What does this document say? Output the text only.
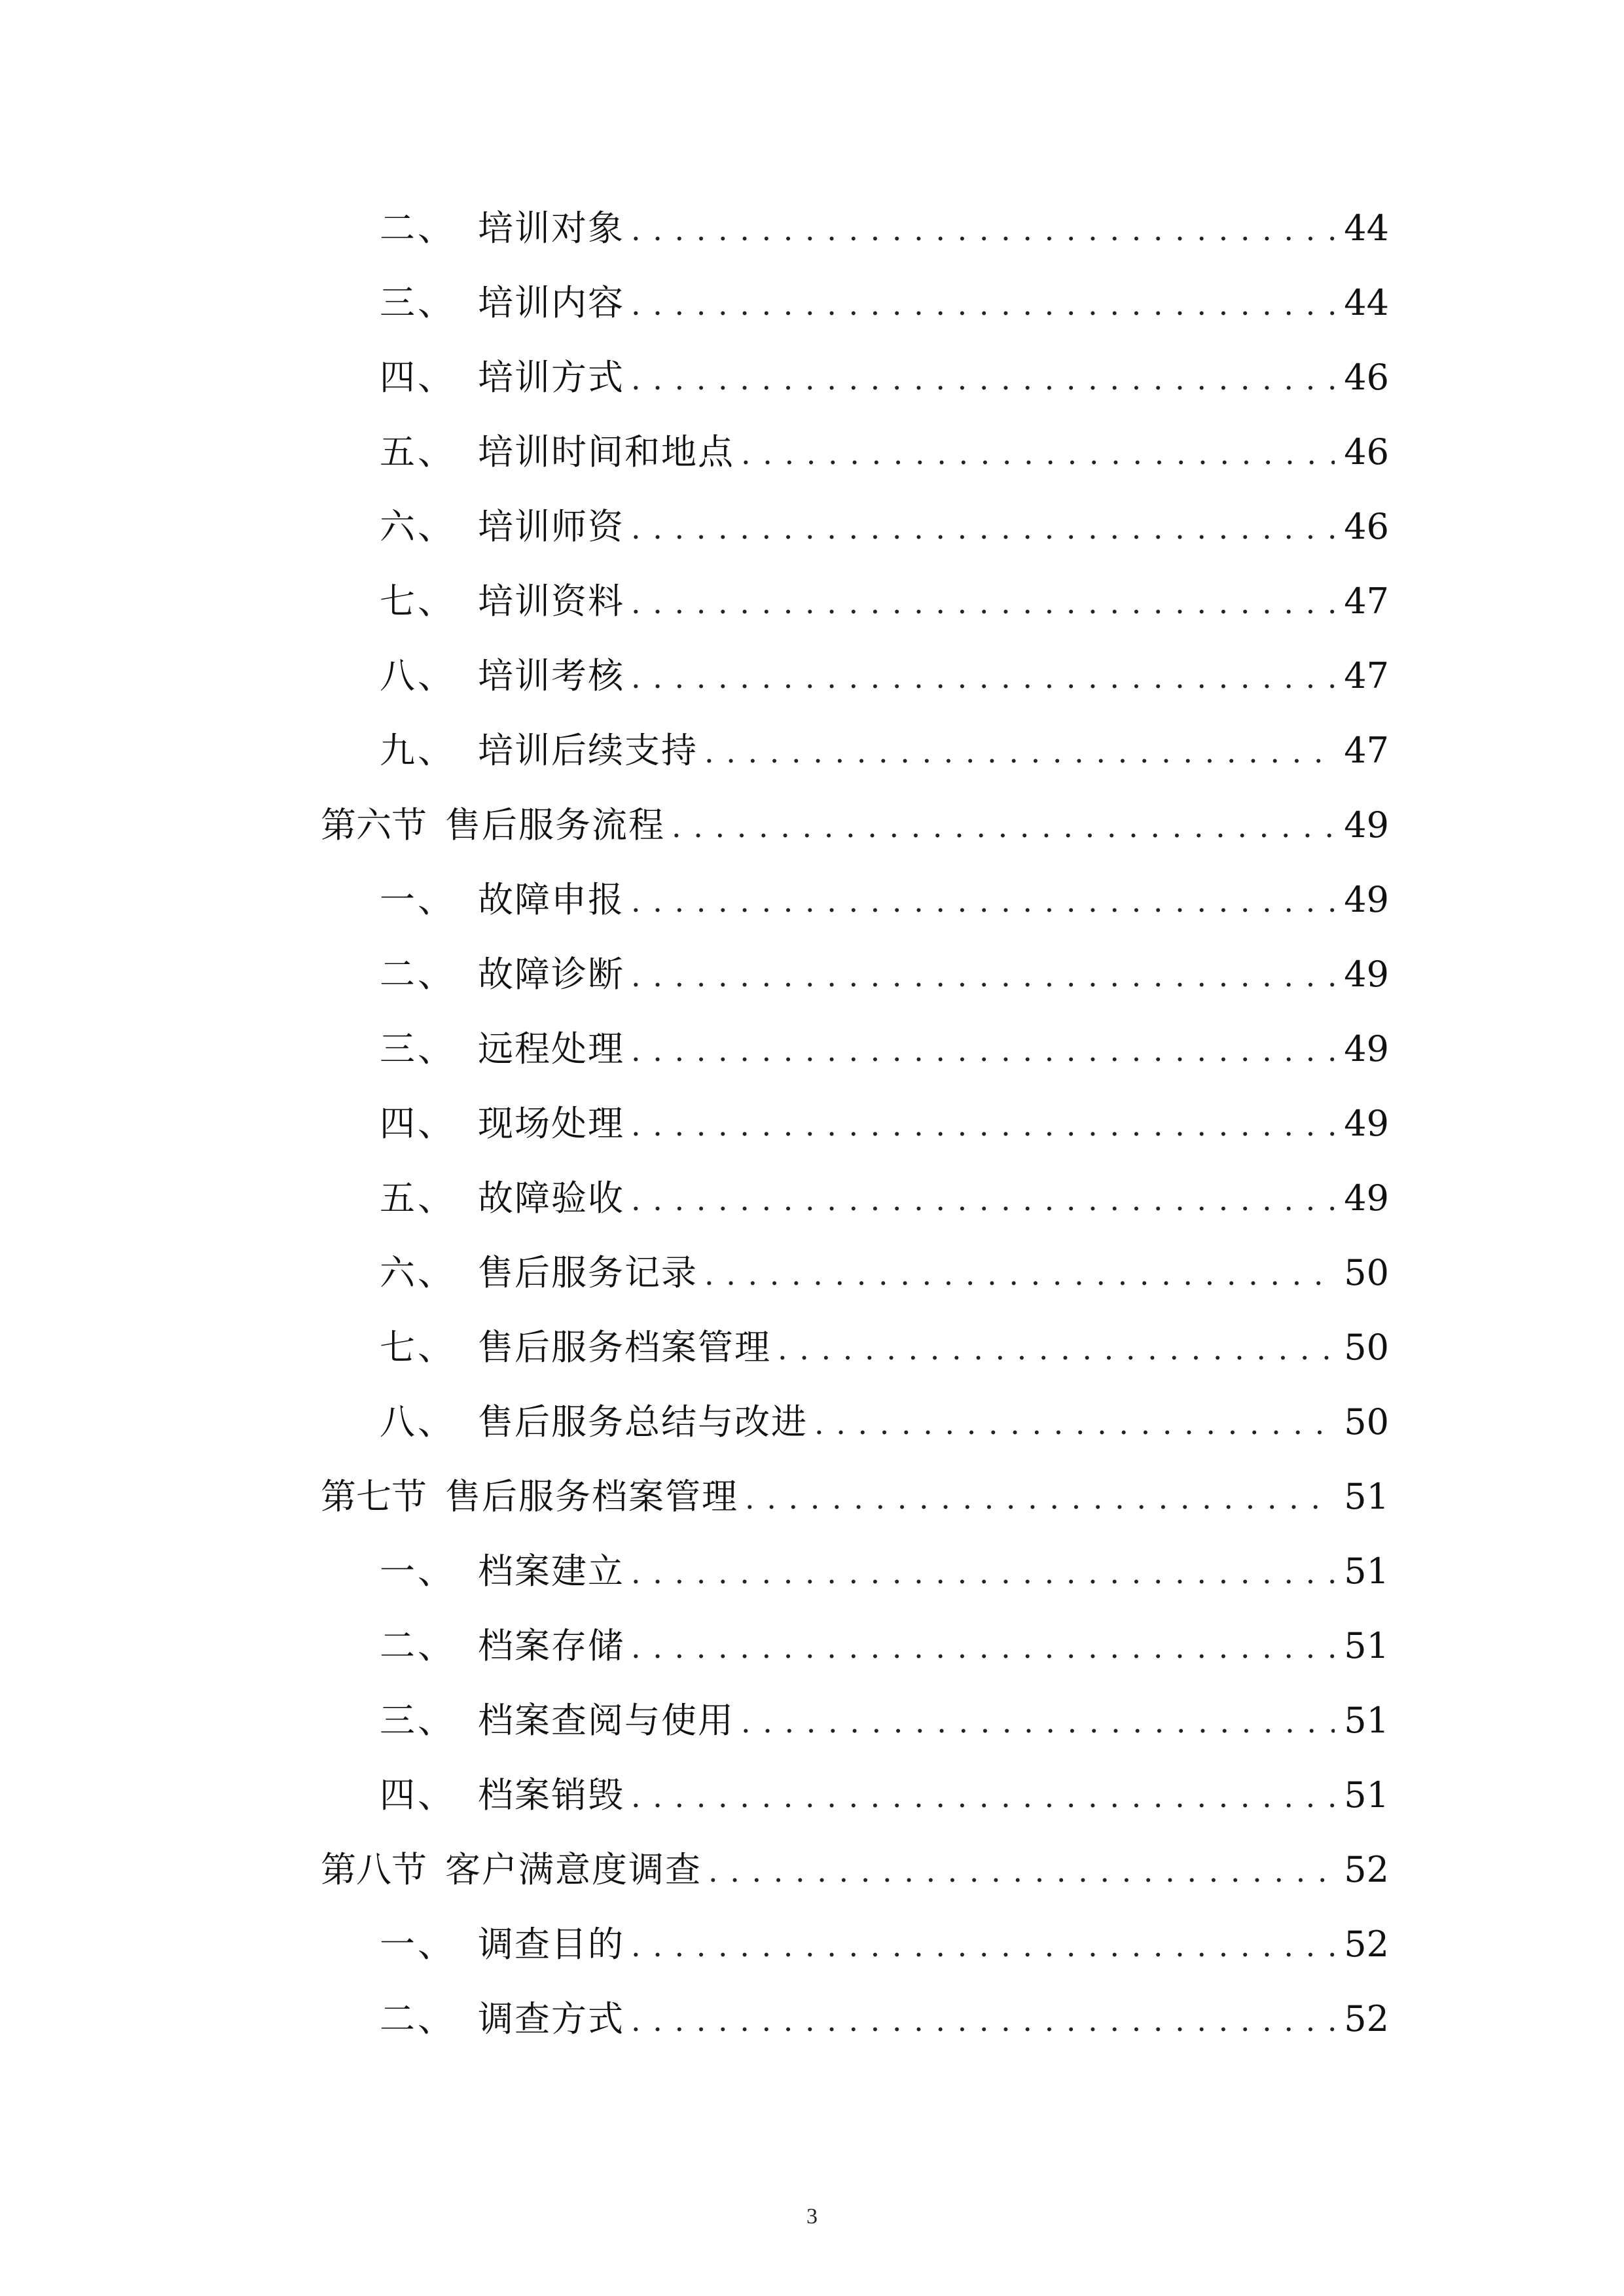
二、 培训对象 . . .	44
三、 培训内容 . . .	44
四、 培训方式 . . .	46
五、 培训时间和地点 . . .	46
六、 培训师资 . . .	46
七、 培训资料 . . .	47
八、 培训考核 . . .	47
九、 培训后续支持 . . .	47
第六节 售后服务流程 . . .	49
一、 故障申报 . . .	49
二、 故障诊断 . . .	49
三、 远程处理 . . .	49
四、 现场处理 . . .	49
五、 故障验收 . . .	49
六、 售后服务记录 . . .	50
七、 售后服务档案管理 . . .	50
八、 售后服务总结与改进 . . .	50
第七节 售后服务档案管理 . . .	51
一、 档案建立 . . .	51
二、 档案存储 . . .	51
三、 档案查阅与使用 . . .	51
四、 档案销毁 . . .	51
第八节 客户满意度调查 . . .	52
一、 调查目的 . . .	52
二、 调查方式 . . .	52
3
